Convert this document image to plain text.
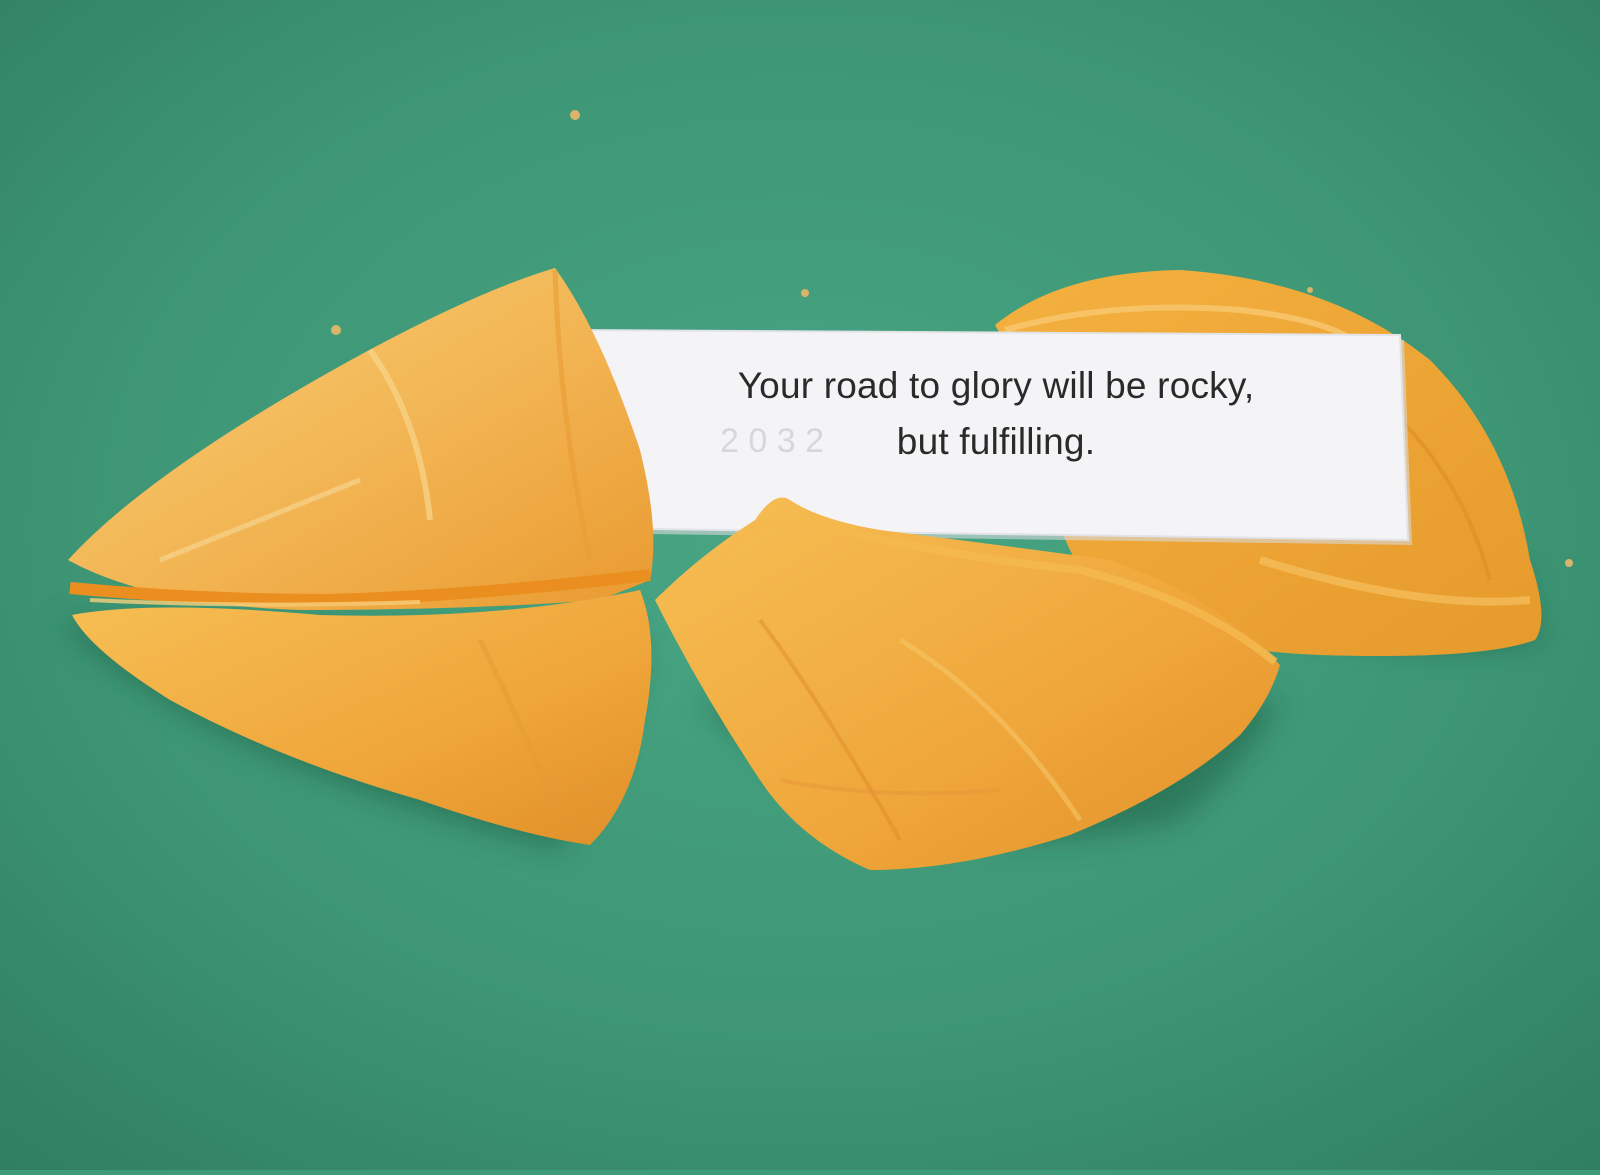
2 0 3 2
Your road to glory will be rocky,
but fulfilling.
